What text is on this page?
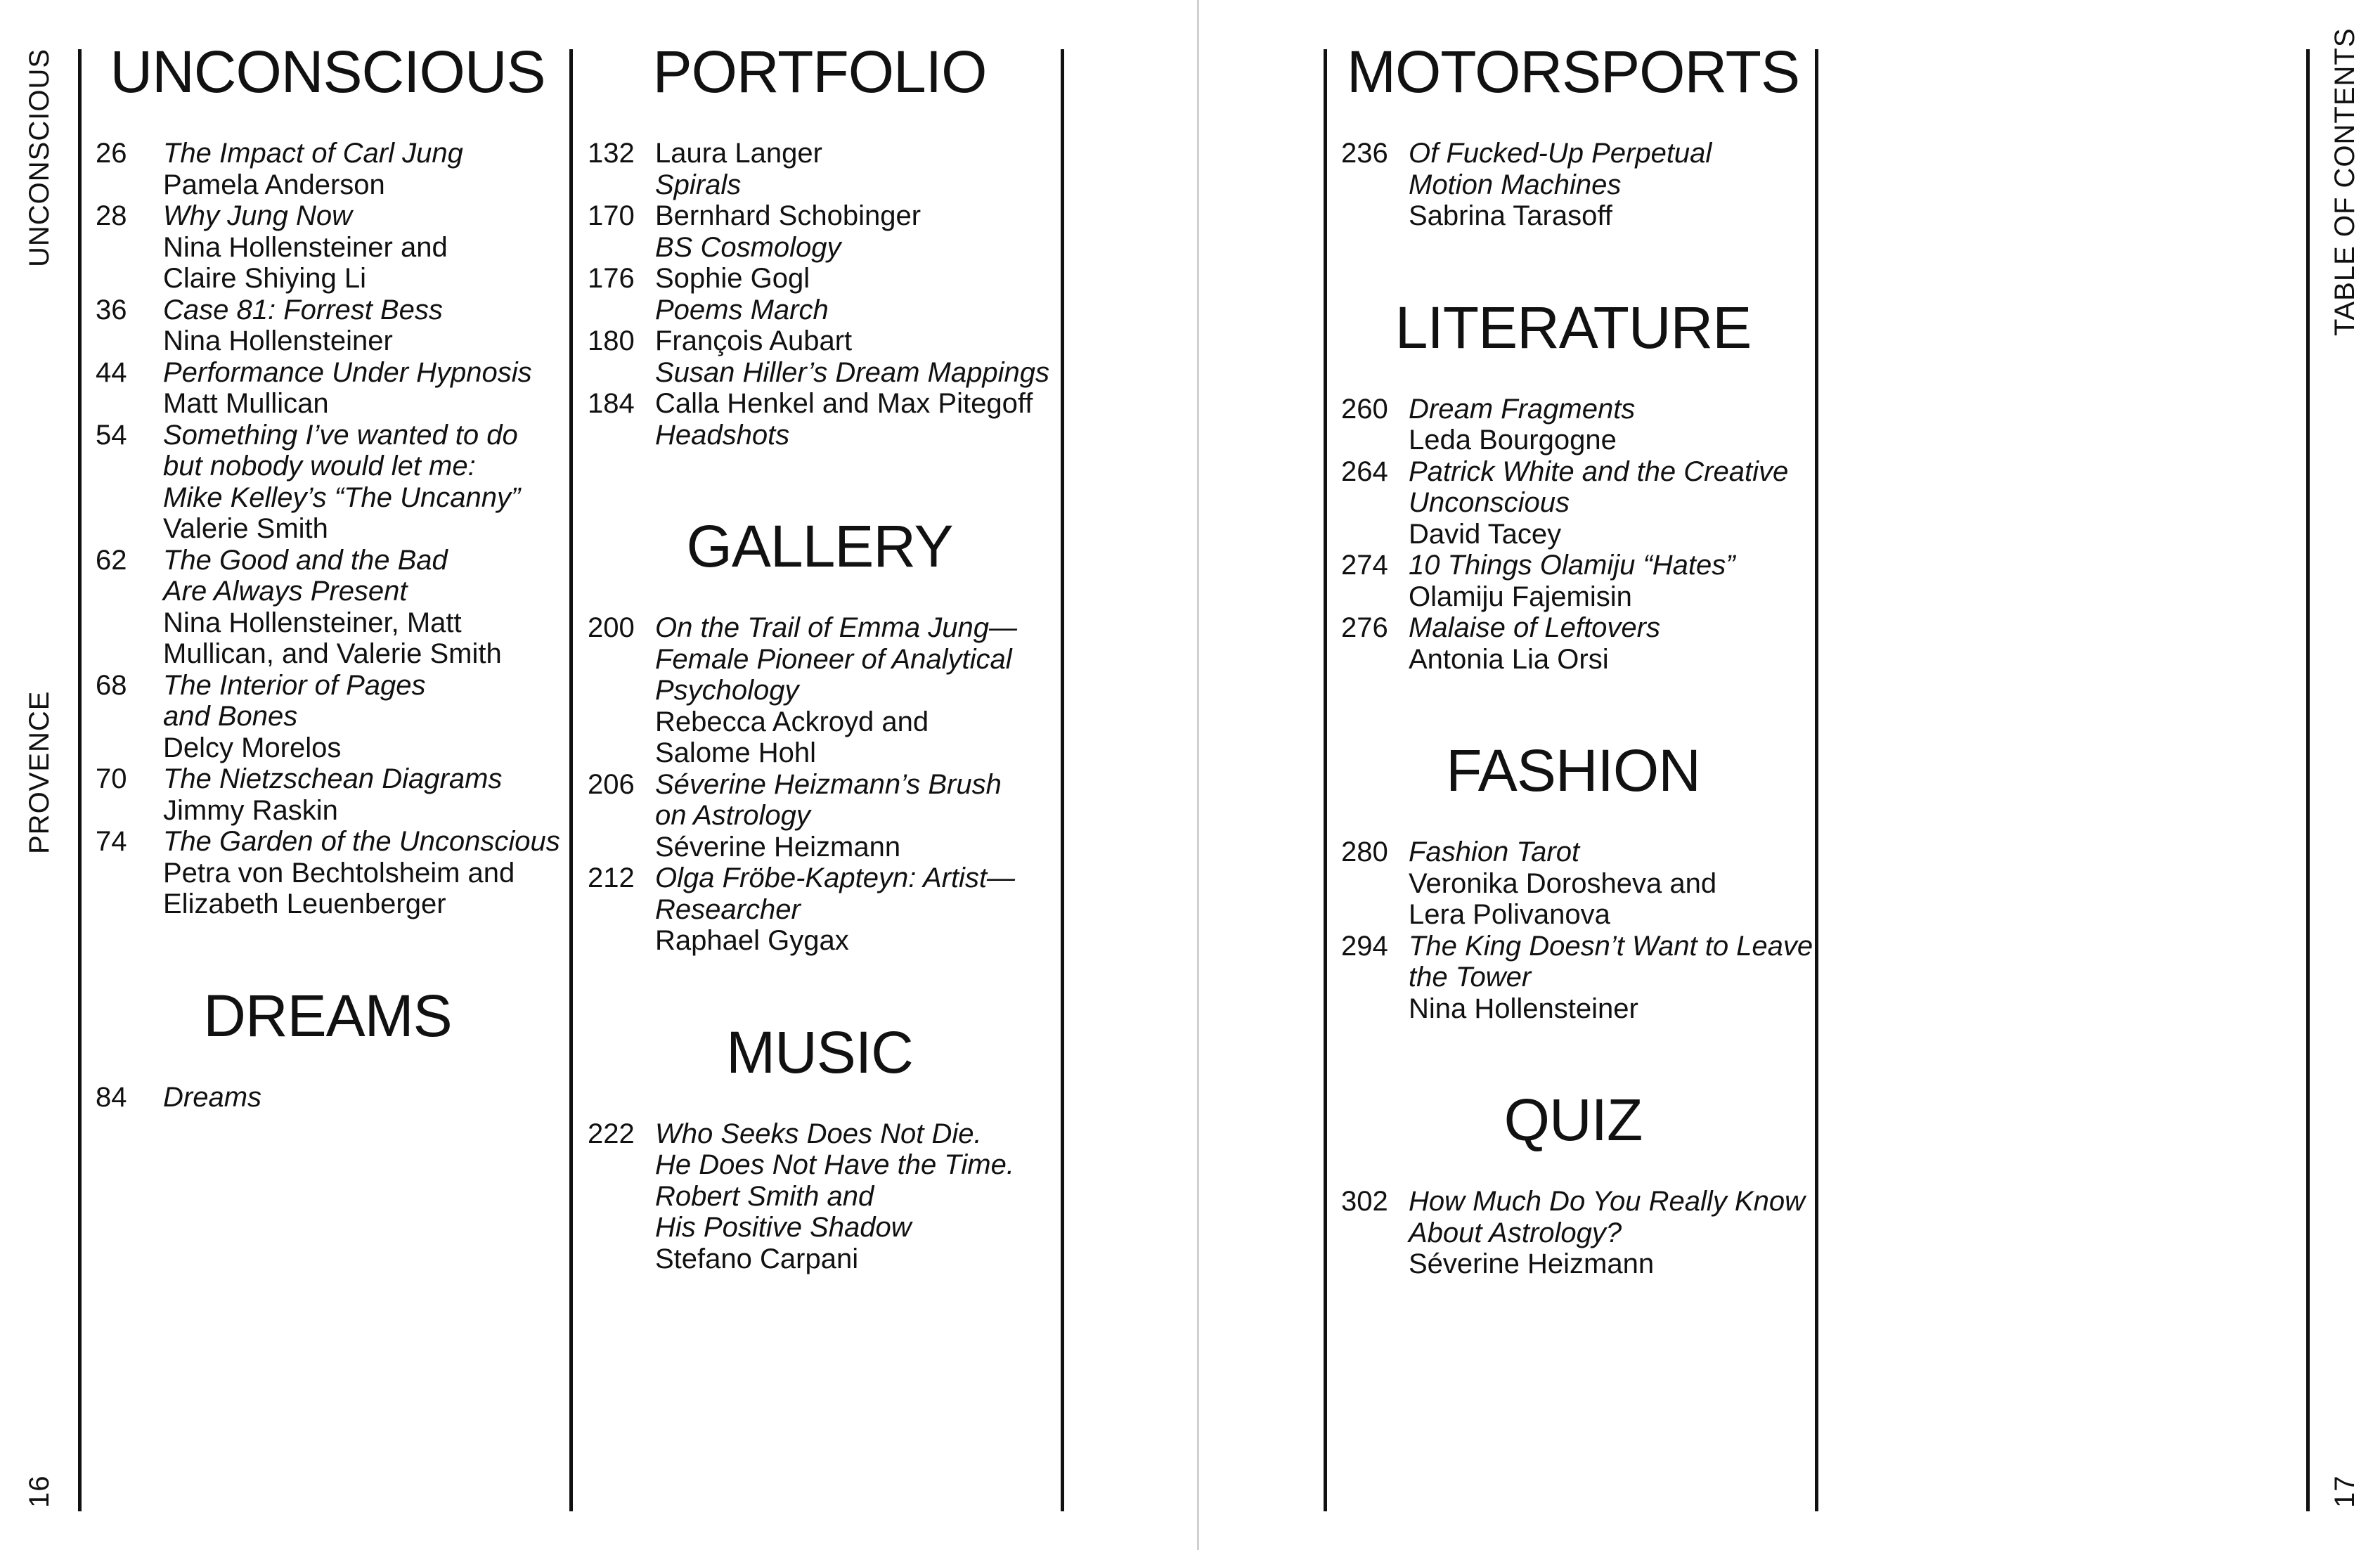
UNCONSCIOUS
PROVENCE
16
TABLE OF CONTENTS
17
UNCONSCIOUS
26	The Impact of Carl Jung
Pamela Anderson
28	Why Jung Now
Nina Hollensteiner and
Claire Shiying Li
36	Case 81: Forrest Bess
Nina Hollensteiner
44	Performance Under Hypnosis
Matt Mullican
54	Something I’ve wanted to do
but nobody would let me:
Mike Kelley’s “The Uncanny”
Valerie Smith
62	The Good and the Bad
Are Always Present
Nina Hollensteiner, Matt
Mullican, and Valerie Smith
68	The Interior of Pages
and Bones
Delcy Morelos
70	The Nietzschean Diagrams
Jimmy Raskin
74	The Garden of the Unconscious
Petra von Bechtolsheim and
Elizabeth Leuenberger
DREAMS
84	Dreams
PORTFOLIO
132 Laura Langer
Spirals
170 Bernhard Schobinger
BS Cosmology
176 Sophie Gogl
Poems March
180 François Aubart
Susan Hiller’s Dream Mappings
184 Calla Henkel and Max Pitegoff
Headshots
GALLERY
200 On the Trail of Emma Jung—
Female Pioneer of Analytical
Psychology
Rebecca Ackroyd and
Salome Hohl
206 Séverine Heizmann’s Brush
on Astrology
Séverine Heizmann
212 Olga Fröbe-Kapteyn: Artist—
Researcher
Raphael Gygax
MUSIC
222 Who Seeks Does Not Die.
He Does Not Have the Time.
Robert Smith and
His Positive Shadow
Stefano Carpani
MOTORSPORTS
236 Of Fucked-Up Perpetual
Motion Machines
Sabrina Tarasoff
LITERATURE
260 Dream Fragments
Leda Bourgogne
264 Patrick White and the Creative
Unconscious
David Tacey
274 10 Things Olamiju “Hates”
Olamiju Fajemisin
276 Malaise of Leftovers
Antonia Lia Orsi
FASHION
280 Fashion Tarot
Veronika Dorosheva and
Lera Polivanova
294 The King Doesn’t Want to Leave
the Tower
Nina Hollensteiner
QUIZ
302 How Much Do You Really Know
About Astrology?
Séverine Heizmann
